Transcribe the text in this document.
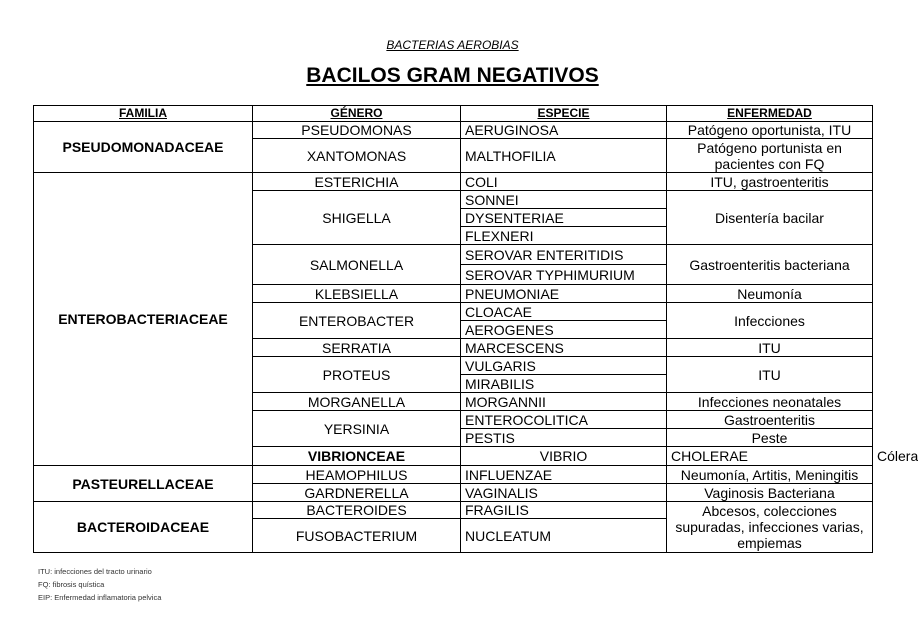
BACTERIAS AEROBIAS
BACILOS GRAM NEGATIVOS
FAMILIA	GÉNERO	ESPECIE	ENFERMEDAD	
PSEUDOMONADACEAE	PSEUDOMONAS	AERUGINOSA	Patógeno oportunista, ITU	
	XANTOMONAS	MALTHOFILIA	Patógeno portunista en pacientes con FQ	
ENTEROBACTERIACEAE	ESTERICHIA	COLI	ITU, gastroenteritis	
	SHIGELLA	SONNEI	Disentería bacilar	
		DYSENTERIAE		
		FLEXNERI		
	SALMONELLA	SEROVAR ENTERITIDIS	Gastroenteritis bacteriana	
		SEROVAR TYPHIMURIUM		
	KLEBSIELLA	PNEUMONIAE	Neumonía	
	ENTEROBACTER	CLOACAE	Infecciones	
		AEROGENES		
	SERRATIA	MARCESCENS	ITU	
	PROTEUS	VULGARIS	ITU	
		MIRABILIS		
	MORGANELLA	MORGANNII	Infecciones neonatales	
	YERSINIA	ENTEROCOLITICA	Gastroenteritis	
		PESTIS	Peste	
	VIBRIONCEAE	VIBRIO	CHOLERAE	Cólera
PASTEURELLACEAE	HEAMOPHILUS	INFLUENZAE	Neumonía, Artitis, Meningitis	
	GARDNERELLA	VAGINALIS	Vaginosis Bacteriana	
BACTEROIDACEAE	BACTEROIDES	FRAGILIS	Abcesos, colecciones supuradas, infecciones varias, empiemas	
	FUSOBACTERIUM	NUCLEATUM		
ITU: infecciones del tracto urinario
FQ: fibrosis quística
EIP: Enfermedad inflamatoria pelvica
